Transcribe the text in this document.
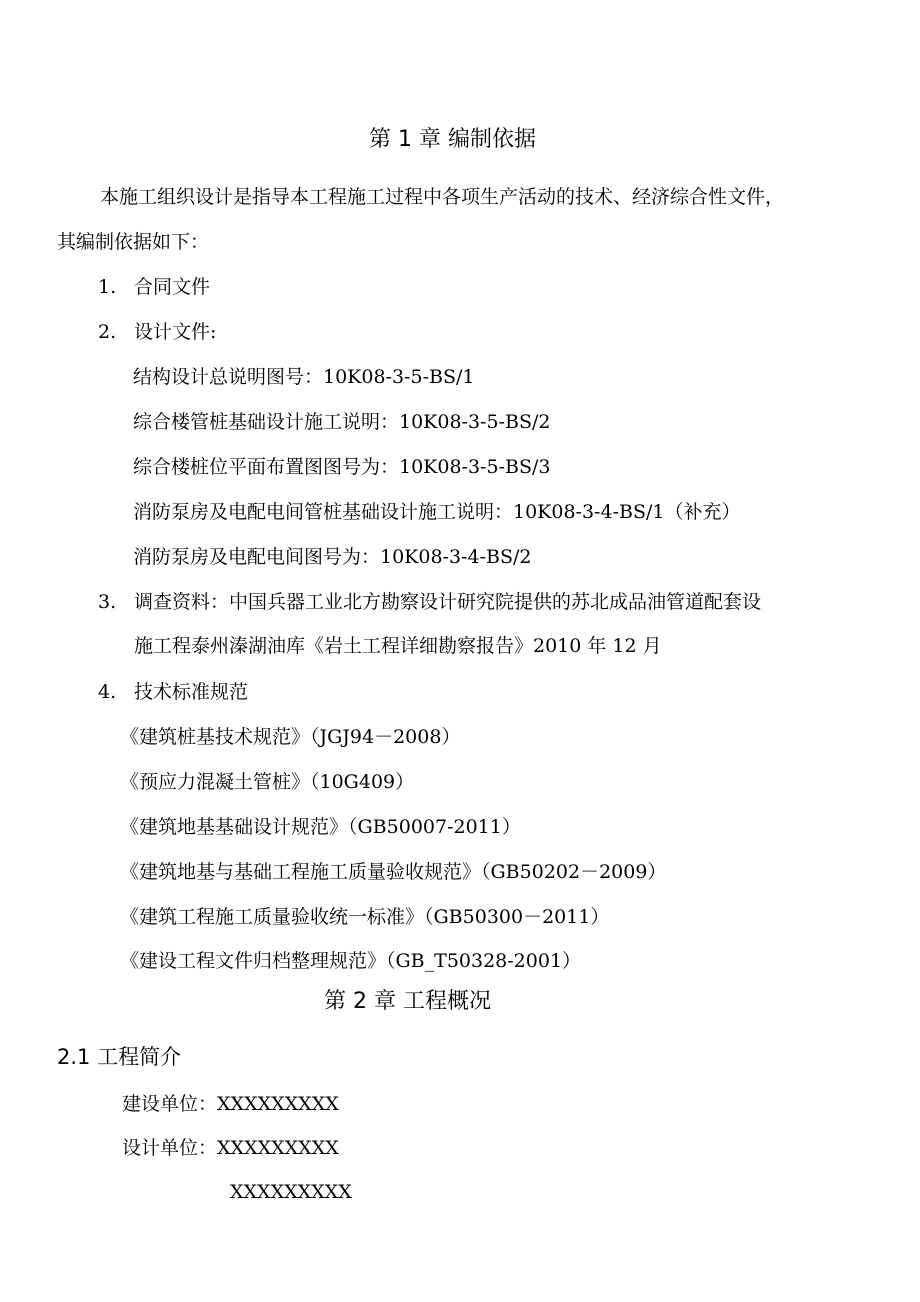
第 1 章 编制依据
本施工组织设计是指导本工程施工过程中各项生产活动的技术、经济综合性文件，
其编制依据如下：
1. 合同文件
2. 设计文件:
结构设计总说明图号：10K08-3-5-BS/1
综合楼管桩基础设计施工说明：10K08-3-5-BS/2
综合楼桩位平面布置图图号为：10K08-3-5-BS/3
消防泵房及电配电间管桩基础设计施工说明：10K08-3-4-BS/1（补充）
消防泵房及电配电间图号为：10K08-3-4-BS/2
3. 调查资料：中国兵器工业北方勘察设计研究院提供的苏北成品油管道配套设
施工程泰州溱湖油库《岩土工程详细勘察报告》2010 年 12 月
4. 技术标准规范
《建筑桩基技术规范》（JGJ94－2008）
《预应力混凝土管桩》（10G409）
《建筑地基基础设计规范》（GB50007-2011）
《建筑地基与基础工程施工质量验收规范》（GB50202－2009）
《建筑工程施工质量验收统一标准》（GB50300－2011）
《建设工程文件归档整理规范》（GB_T50328-2001）
第 2 章 工程概况
2.1 工程简介
建设单位：XXXXXXXXX
设计单位：XXXXXXXXX
XXXXXXXXX
